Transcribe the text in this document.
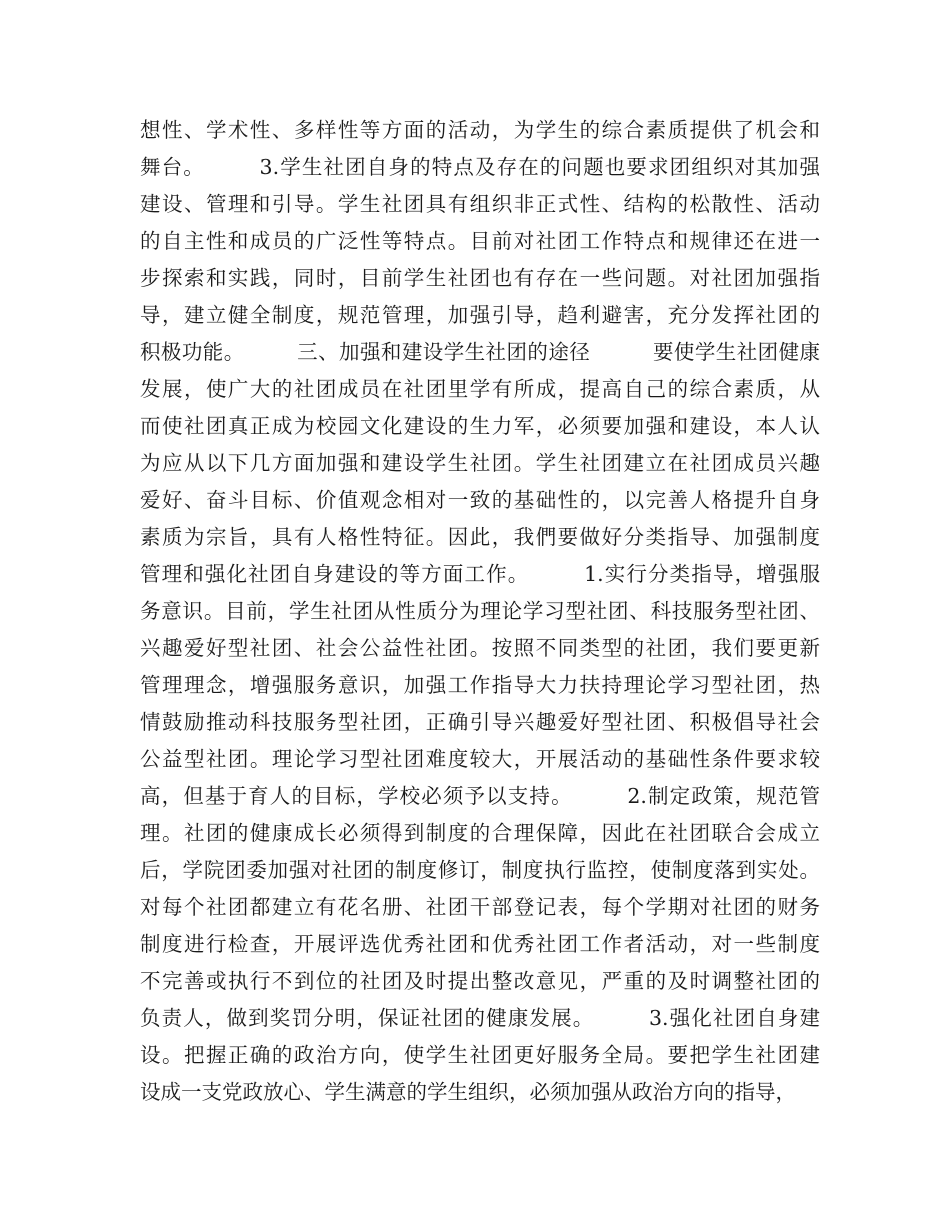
想性、学术性、多样性等方面的活动，为学生的综合素质提供了机会和
舞台。　　　3.学生社团自身的特点及存在的问题也要求团组织对其加强
建设、管理和引导。学生社团具有组织非正式性、结构的松散性、活动
的自主性和成员的广泛性等特点。目前对社团工作特点和规律还在进一
步探索和实践，同时，目前学生社团也有存在一些问题。对社团加强指
导，建立健全制度，规范管理，加强引导，趋利避害，充分发挥社团的
积极功能。　　　三、加强和建设学生社团的途径　　　要使学生社团健康
发展，使广大的社团成员在社团里学有所成，提高自己的综合素质，从
而使社团真正成为校园文化建设的生力军，必须要加强和建设，本人认
为应从以下几方面加强和建设学生社团。学生社团建立在社团成员兴趣
爱好、奋斗目标、价值观念相对一致的基础性的，以完善人格提升自身
素质为宗旨，具有人格性特征。因此，我們要做好分类指导、加强制度
管理和强化社团自身建设的等方面工作。　　　1.实行分类指导，增强服
务意识。目前，学生社团从性质分为理论学习型社团、科技服务型社团、
兴趣爱好型社团、社会公益性社团。按照不同类型的社团，我们要更新
管理理念，增强服务意识，加强工作指导大力扶持理论学习型社团，热
情鼓励推动科技服务型社团，正确引导兴趣爱好型社团、积极倡导社会
公益型社团。理论学习型社团难度较大，开展活动的基础性条件要求较
高，但基于育人的目标，学校必须予以支持。　　　2.制定政策，规范管
理。社团的健康成长必须得到制度的合理保障，因此在社团联合会成立
后，学院团委加强对社团的制度修订，制度执行监控，使制度落到实处。
对每个社团都建立有花名册、社团干部登记表，每个学期对社团的财务
制度进行检查，开展评选优秀社团和优秀社团工作者活动，对一些制度
不完善或执行不到位的社团及时提出整改意见，严重的及时调整社团的
负责人，做到奖罚分明，保证社团的健康发展。　　　3.强化社团自身建
设。把握正确的政治方向，使学生社团更好服务全局。要把学生社团建
设成一支党政放心、学生满意的学生组织，必须加强从政治方向的指导，
